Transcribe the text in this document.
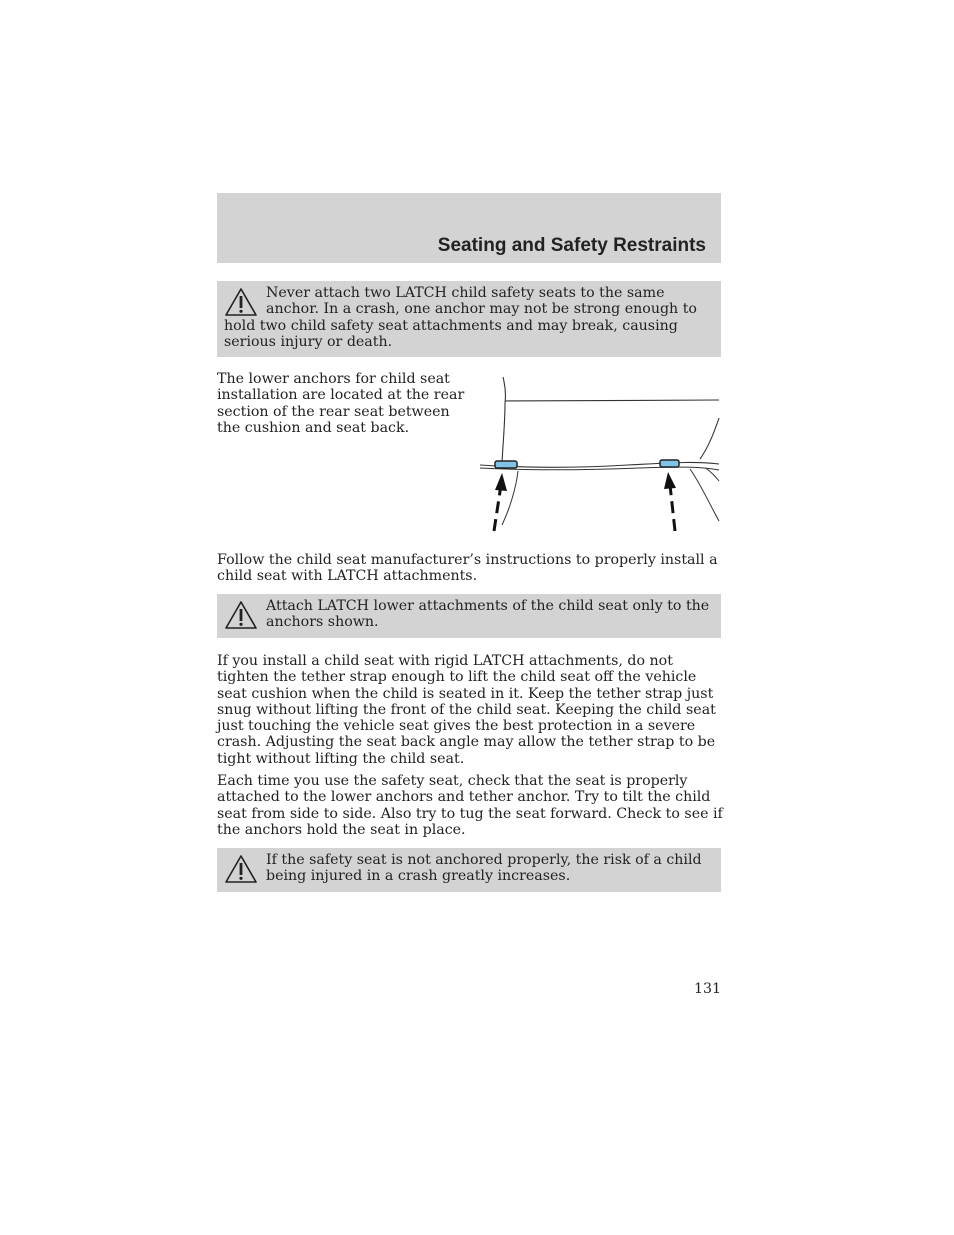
Seating and Safety Restraints
Never attach two LATCH child safety seats to the same anchor. In a crash, one anchor may not be strong enough to hold two child safety seat attachments and may break, causing serious injury or death.
The lower anchors for child seat installation are located at the rear section of the rear seat between the cushion and seat back.
Follow the child seat manufacturer’s instructions to properly install a child seat with LATCH attachments.
Attach LATCH lower attachments of the child seat only to the anchors shown.
If you install a child seat with rigid LATCH attachments, do not tighten the tether strap enough to lift the child seat off the vehicle seat cushion when the child is seated in it. Keep the tether strap just snug without lifting the front of the child seat. Keeping the child seat just touching the vehicle seat gives the best protection in a severe crash. Adjusting the seat back angle may allow the tether strap to be tight without lifting the child seat.
Each time you use the safety seat, check that the seat is properly attached to the lower anchors and tether anchor. Try to tilt the child seat from side to side. Also try to tug the seat forward. Check to see if the anchors hold the seat in place.
If the safety seat is not anchored properly, the risk of a child being injured in a crash greatly increases.
131
